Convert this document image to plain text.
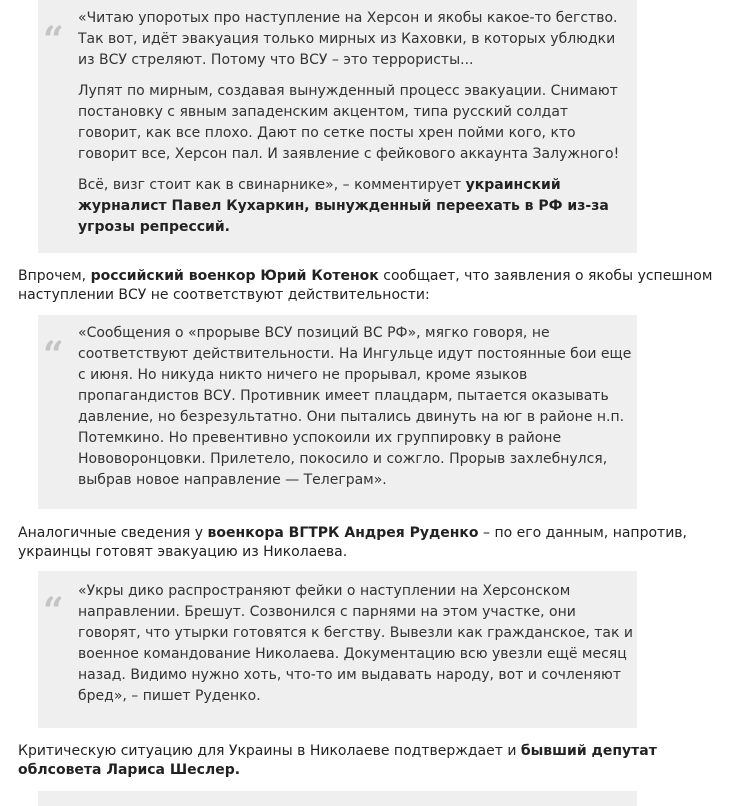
“

«Читаю упоротых про наступление на Херсон и якобы какое-то бегство. Так вот, идёт эвакуация только мирных из Каховки, в которых ублюдки из ВСУ стреляют. Потому что ВСУ – это террористы...

Лупят по мирным, создавая вынужденный процесс эвакуации. Снимают постановку с явным западенским акцентом, типа русский солдат говорит, как все плохо. Дают по сетке посты хрен пойми кого, кто говорит все, Херсон пал. И заявление с фейкового аккаунта Залужного!

Всё, визг стоит как в свинарнике», – комментирует украинский журналист Павел Кухаркин, вынужденный переехать в РФ из-за угрозы репрессий.

Впрочем, российский военкор Юрий Котенок сообщает, что заявления о якобы успешном наступлении ВСУ не соответствуют действительности:

“

«Сообщения о «прорыве ВСУ позиций ВС РФ», мягко говоря, не соответствуют действительности. На Ингульце идут постоянные бои еще с июня. Но никуда никто ничего не прорывал, кроме языков пропагандистов ВСУ. Противник имеет плацдарм, пытается оказывать давление, но безрезультатно. Они пытались двинуть на юг в районе н.п. Потемкино. Но превентивно успокоили их группировку в районе Нововоронцовки. Прилетело, покосило и сожгло. Прорыв захлебнулся, выбрав новое направление — Телеграм».

Аналогичные сведения у военкора ВГТРК Андрея Руденко – по его данным, напротив, украинцы готовят эвакуацию из Николаева.

“ «Укры дико распространяют фейки о наступлении на Херсонском направлении. Брешут. Созвонился с парнями на этом участке, они говорят, что утырки готовятся к бегству. Вывезли как гражданское, так и военное командование Николаева. Документацию всю увезли ещё месяц назад. Видимо нужно хоть, что-то им выдавать народу, вот и сочленяют бред», – пишет Руденко.

Критическую ситуацию для Украины в Николаеве подтверждает и бывший депутат облсовета Лариса Шеслер.
